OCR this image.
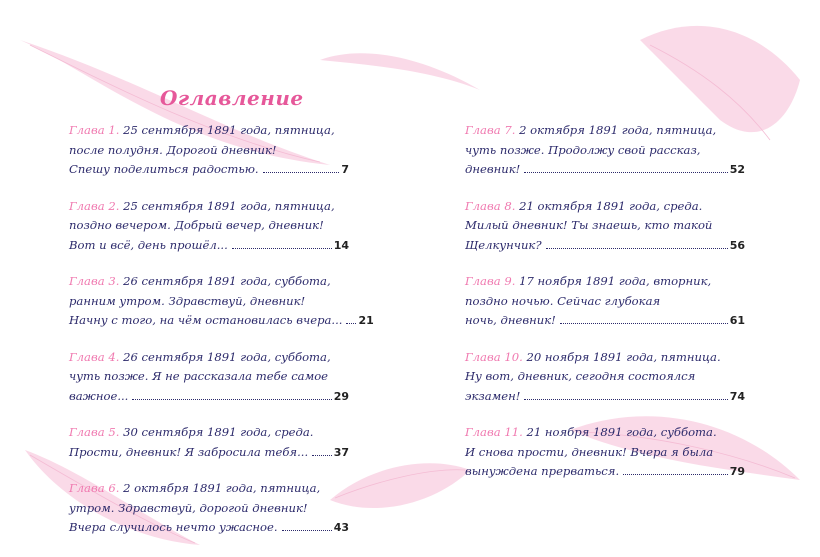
Оглавление
Глава 1. 25 сентября 1891 года, пятница,
после полудня. Дорогой дневник!
Спешу поделиться радостью.	7
Глава 2. 25 сентября 1891 года, пятница,
поздно вечером. Добрый вечер, дневник!
Вот и всё, день прошёл...	14
Глава 3. 26 сентября 1891 года, суббота,
ранним утром. Здравствуй, дневник!
Начну с того, на чём остановилась вчера... 21
Глава 4. 26 сентября 1891 года, суббота,
чуть позже. Я не рассказала тебе самое
важное...	29
Глава 5. 30 сентября 1891 года, среда.
Прости, дневник! Я забросила тебя... 37
Глава 6. 2 октября 1891 года, пятница,
утром. Здравствуй, дорогой дневник!
Вчера случилось нечто ужасное.	43
Глава 7. 2 октября 1891 года, пятница,
чуть позже. Продолжу свой рассказ,
дневник!	52
Глава 8. 21 октября 1891 года, среда.
Милый дневник! Ты знаешь, кто такой
Щелкунчик?	56
Глава 9. 17 ноября 1891 года, вторник,
поздно ночью. Сейчас глубокая
ночь, дневник!	61
Глава 10. 20 ноября 1891 года, пятница.
Ну вот, дневник, сегодня состоялся
экзамен!	74
Глава 11. 21 ноября 1891 года, суббота.
И снова прости, дневник! Вчера я была
вынуждена прерваться.	79
